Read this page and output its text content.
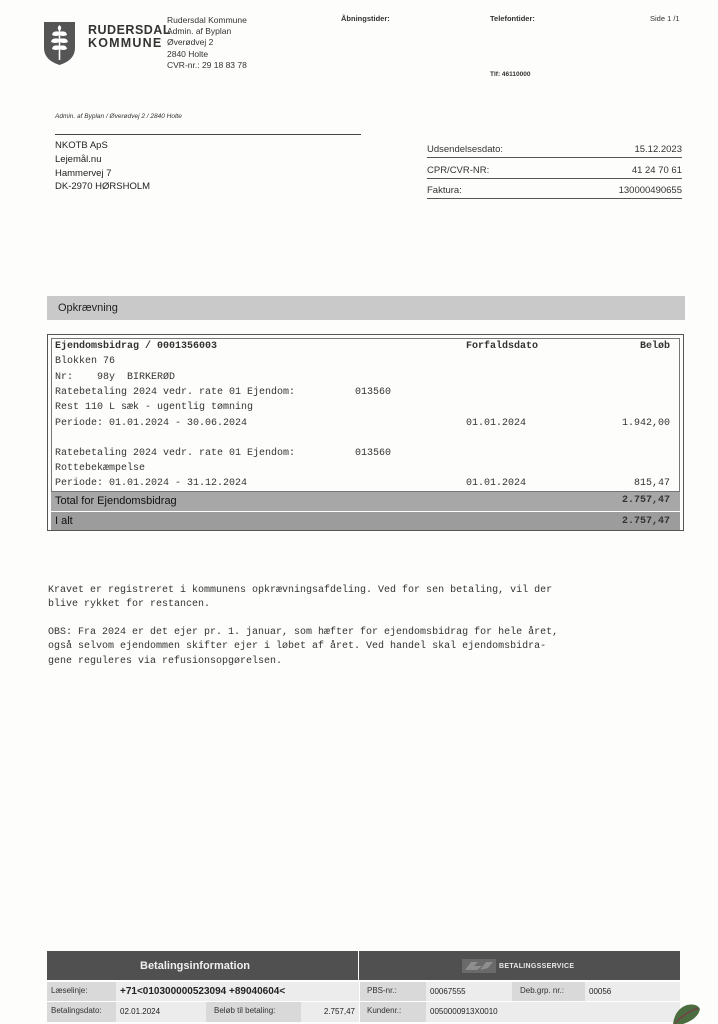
RUDERSDAL
KOMMUNE
Rudersdal Kommune
Admin. af Byplan
Øverødvej 2
2840 Holte
CVR-nr.: 29 18 83 78
Åbningstider:	Telefontider:	Side 1 /1
Tlf: 46110000
Admin. af Byplan / Øverødvej 2 / 2840 Holte
NKOTB ApS
Lejemål.nu
Hammervej 7
DK-2970 HØRSHOLM
Udsendelsesdato:	15.12.2023
CPR/CVR-NR:	41 24 70 61
Faktura:	130000490655
Opkrævning
Ejendomsbidrag / 0001356003	Forfaldsdato	Beløb
Blokken 76
Nr:    98y  BIRKERØD
Ratebetaling 2024 vedr. rate 01 Ejendom:	013560
Rest 110 L sæk - ugentlig tømning
Periode: 01.01.2024 - 30.06.2024	01.01.2024	1.942,00
Ratebetaling 2024 vedr. rate 01 Ejendom:	013560
Rottebekæmpelse
Periode: 01.01.2024 - 31.12.2024	01.01.2024	815,47
Total for Ejendomsbidrag	2.757,47
I alt	2.757,47
Kravet er registreret i kommunens opkrævningsafdeling. Ved for sen betaling, vil der
blive rykket for restancen.
OBS: Fra 2024 er det ejer pr. 1. januar, som hæfter for ejendomsbidrag for hele året,
også selvom ejendommen skifter ejer i løbet af året. Ved handel skal ejendomsbidra-
gene reguleres via refusionsopgørelsen.
Betalingsinformation	BETALINGSSERVICE
Læselinje:	+71<010300000523094 +89040604<	PBS-nr.:	00067555	Deb.grp. nr.:	00056
Betalingsdato:	02.01.2024	Beløb til betaling:	2.757,47	Kundenr.:	0050000913X0010
